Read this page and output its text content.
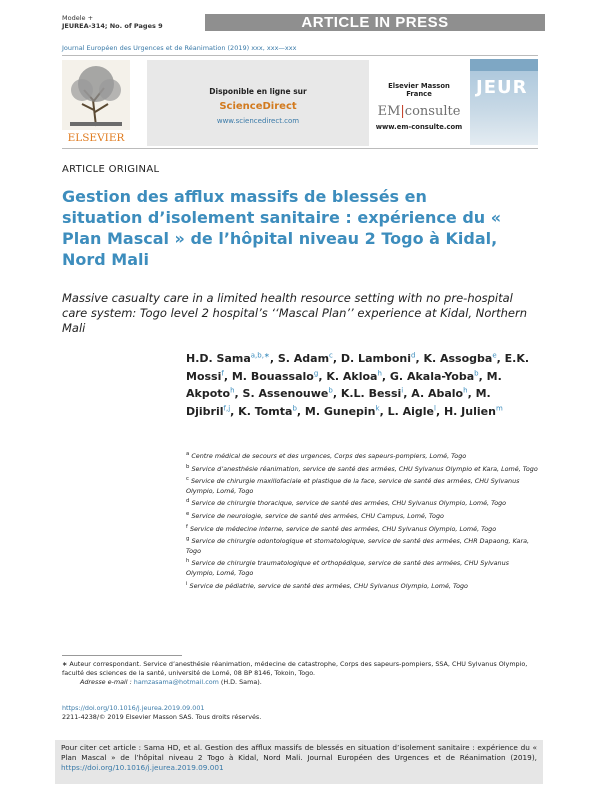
Modele +
JEUREA-314; No. of Pages 9	ARTICLE IN PRESS
Journal Européen des Urgences et de Réanimation (2019) xxx, xxx—xxx
ELSEVIER
Disponible en ligne sur
ScienceDirect
www.sciencedirect.com
Elsevier Masson France
EM|consulte
www.em-consulte.com
JEUR
ARTICLE ORIGINAL
Gestion des afflux massifs de blessés en situation d’isolement sanitaire : expérience du « Plan Mascal » de l’hôpital niveau 2 Togo à Kidal, Nord Mali
Massive casualty care in a limited health resource setting with no pre-hospital care system: Togo level 2 hospital’s ‘‘Mascal Plan’’ experience at Kidal, Northern Mali
H.D. Sama$^{a,b,∗}$, S. Adam$^c$, D. Lamboni$^d$, K. Assogba$^e$, E.K. Mossi$^f$, M. Bouassalo$^g$, K. Akloa$^h$, G. Akala-Yoba$^b$, M. Akpoto$^h$, S. Assenouwe$^b$, K.L. Bessi$^i$, A. Abalo$^h$, M. Djibril$^{f,j}$, K. Tomta$^b$, M. Gunepin$^k$, L. Aigle$^l$, H. Julien$^m$

$^a$ Centre médical de secours et des urgences, Corps des sapeurs-pompiers, Lomé, Togo

$^b$ Service d’anesthésie réanimation, service de santé des armées, CHU Sylvanus Olympio et Kara, Lomé, Togo

$^c$ Service de chirurgie maxillofaciale et plastique de la face, service de santé des armées, CHU Sylvanus Olympio, Lomé, Togo

$^d$ Service de chirurgie thoracique, service de santé des armées, CHU Sylvanus Olympio, Lomé, Togo

$^e$ Service de neurologie, service de santé des armées, CHU Campus, Lomé, Togo

$^f$ Service de médecine interne, service de santé des armées, CHU Sylvanus Olympio, Lomé, Togo

$^g$ Service de chirurgie odontologique et stomatologique, service de santé des armées, CHR Dapaong, Kara, Togo

$^h$ Service de chirurgie traumatologique et orthopédique, service de santé des armées, CHU Sylvanus Olympio, Lomé, Togo

$^i$ Service de pédiatrie, service de santé des armées, CHU Sylvanus Olympio, Lomé, Togo

∗ Auteur correspondant. Service d’anesthésie réanimation, médecine de catastrophe, Corps des sapeurs-pompiers, SSA, CHU Sylvanus Olympio, faculté des sciences de la santé, université de Lomé, 08 BP 8146, Tokoin, Togo.
Adresse e-mail : hamzasama@hotmail.com (H.D. Sama).
https://doi.org/10.1016/j.jeurea.2019.09.001
2211-4238/© 2019 Elsevier Masson SAS. Tous droits réservés.
Pour citer cet article : Sama HD, et al. Gestion des afflux massifs de blessés en situation d’isolement sanitaire : expérience du « Plan Mascal » de l’hôpital niveau 2 Togo à Kidal, Nord Mali. Journal Européen des Urgences et de Réanimation (2019), https://doi.org/10.1016/j.jeurea.2019.09.001
